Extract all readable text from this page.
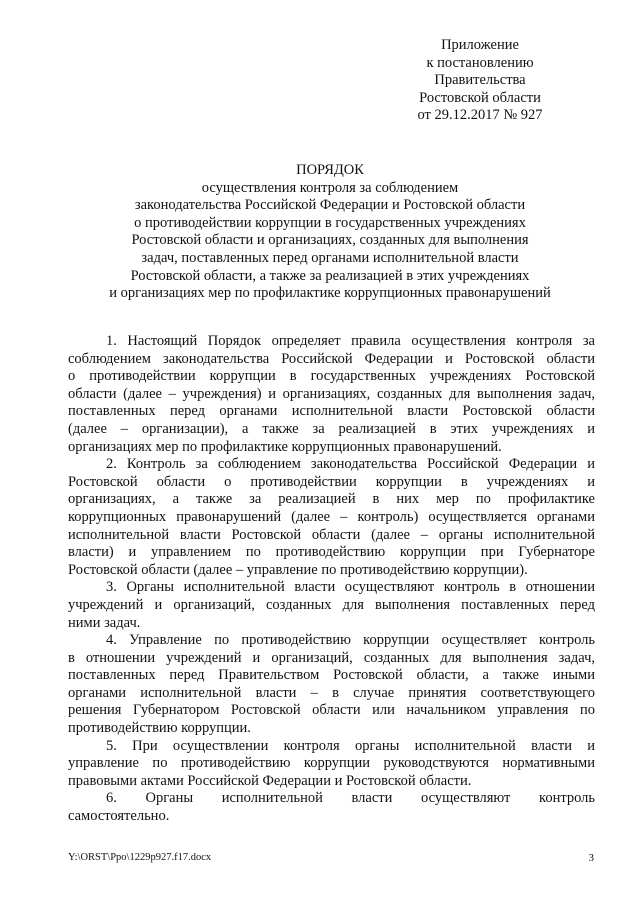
Приложение
к постановлению
Правительства
Ростовской области
от 29.12.2017 № 927
ПОРЯДОК
осуществления контроля за соблюдением
законодательства Российской Федерации и Ростовской области
о противодействии коррупции в государственных учреждениях
Ростовской области и организациях, созданных для выполнения
задач, поставленных перед органами исполнительной власти
Ростовской области, а также за реализацией в этих учреждениях
и организациях мер по профилактике коррупционных правонарушений
1. Настоящий Порядок определяет правила осуществления контроля за
соблюдением законодательства Российской Федерации и Ростовской области
о противодействии коррупции в государственных учреждениях Ростовской
области (далее – учреждения) и организациях, созданных для выполнения задач,
поставленных перед органами исполнительной власти Ростовской области
(далее – организации), а также за реализацией в этих учреждениях и
организациях мер по профилактике коррупционных правонарушений.
2. Контроль за соблюдением законодательства Российской Федерации и
Ростовской области о противодействии коррупции в учреждениях и
организациях, а также за реализацией в них мер по профилактике
коррупционных правонарушений (далее – контроль) осуществляется органами
исполнительной власти Ростовской области (далее – органы исполнительной
власти) и управлением по противодействию коррупции при Губернаторе
Ростовской области (далее – управление по противодействию коррупции).
3. Органы исполнительной власти осуществляют контроль в отношении
учреждений и организаций, созданных для выполнения поставленных перед
ними задач.
4. Управление по противодействию коррупции осуществляет контроль
в отношении учреждений и организаций, созданных для выполнения задач,
поставленных перед Правительством Ростовской области, а также иными
органами исполнительной власти – в случае принятия соответствующего
решения Губернатором Ростовской области или начальником управления по
противодействию коррупции.
5. При осуществлении контроля органы исполнительной власти и
управление по противодействию коррупции руководствуются нормативными
правовыми актами Российской Федерации и Ростовской области.
6. Органы исполнительной власти осуществляют контроль
самостоятельно.
Y:\ORST\Ppo\1229p927.f17.docx	3
